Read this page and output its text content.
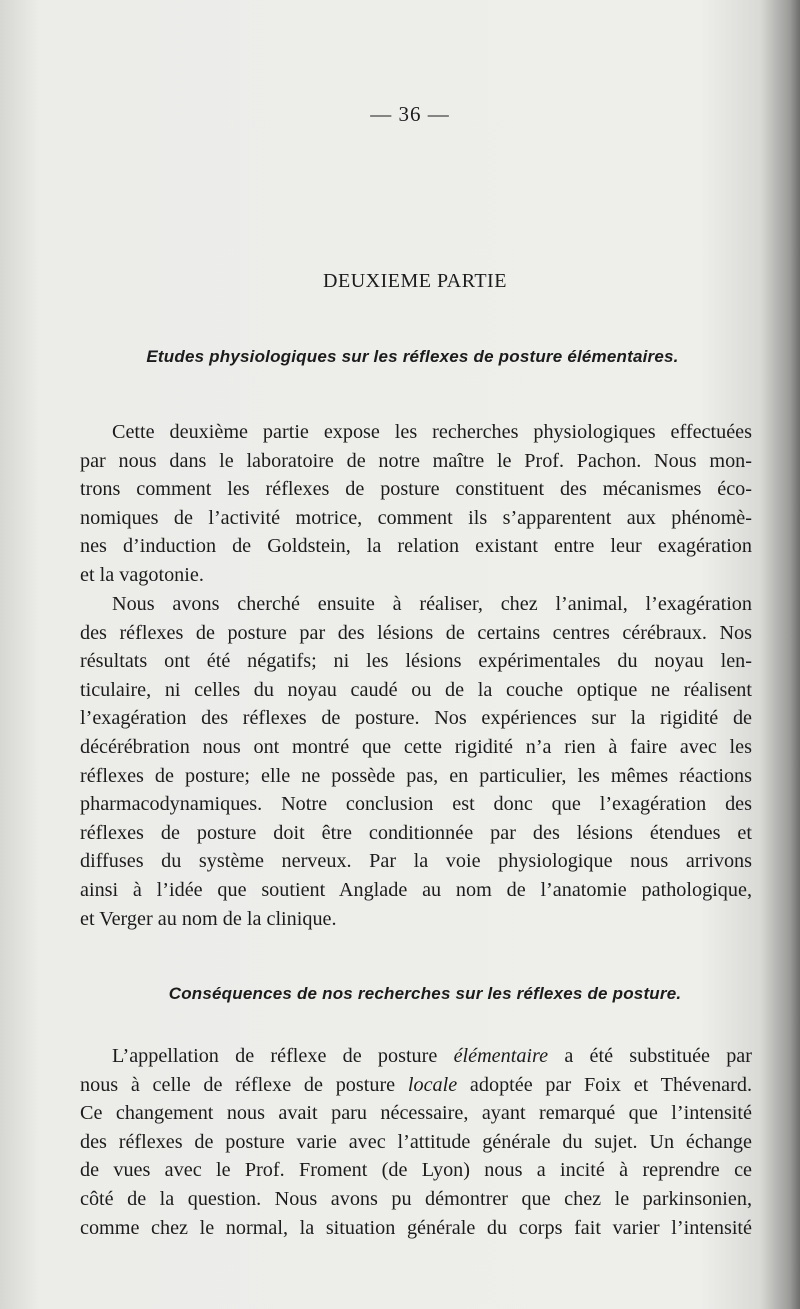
— 36 —
DEUXIEME PARTIE
Etudes physiologiques sur les réflexes de posture élémentaires.
Cette deuxième partie expose les recherches physiologiques effectuées
par nous dans le laboratoire de notre maître le Prof. Pachon. Nous mon-
trons comment les réflexes de posture constituent des mécanismes éco-
nomiques de l’activité motrice, comment ils s’apparentent aux phénomè-
nes d’induction de Goldstein, la relation existant entre leur exagération
et la vagotonie.
Nous avons cherché ensuite à réaliser, chez l’animal, l’exagération
des réflexes de posture par des lésions de certains centres cérébraux. Nos
résultats ont été négatifs; ni les lésions expérimentales du noyau len-
ticulaire, ni celles du noyau caudé ou de la couche optique ne réalisent
l’exagération des réflexes de posture. Nos expériences sur la rigidité de
décérébration nous ont montré que cette rigidité n’a rien à faire avec les
réflexes de posture; elle ne possède pas, en particulier, les mêmes réactions
pharmacodynamiques. Notre conclusion est donc que l’exagération des
réflexes de posture doit être conditionnée par des lésions étendues et
diffuses du système nerveux. Par la voie physiologique nous arrivons
ainsi à l’idée que soutient Anglade au nom de l’anatomie pathologique,
et Verger au nom de la clinique.
Conséquences de nos recherches sur les réflexes de posture.
L’appellation de réflexe de posture élémentaire a été substituée par
nous à celle de réflexe de posture locale adoptée par Foix et Thévenard.
Ce changement nous avait paru nécessaire, ayant remarqué que l’intensité
des réflexes de posture varie avec l’attitude générale du sujet. Un échange
de vues avec le Prof. Froment (de Lyon) nous a incité à reprendre ce
côté de la question. Nous avons pu démontrer que chez le parkinsonien,
comme chez le normal, la situation générale du corps fait varier l’intensité
